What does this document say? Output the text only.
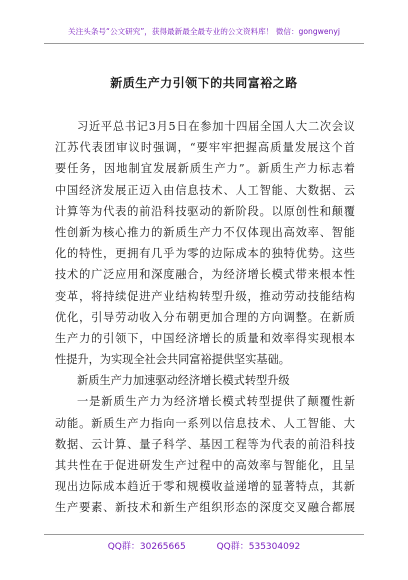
关注头条号“公文研究”，获得最新最全最专业的公文资料库！ 微信：gongwenyj
新质生产力引领下的共同富裕之路
习近平总书记3月5日在参加十四届全国人大二次会议
江苏代表团审议时强调，“要牢牢把握高质量发展这个首
要任务，因地制宜发展新质生产力”。新质生产力标志着
中国经济发展正迈入由信息技术、人工智能、大数据、云
计算等为代表的前沿科技驱动的新阶段。以原创性和颠覆
性创新为核心推力的新质生产力不仅体现出高效率、智能
化的特性，更拥有几乎为零的边际成本的独特优势。这些
技术的广泛应用和深度融合，为经济增长模式带来根本性
变革，将持续促进产业结构转型升级，推动劳动技能结构
优化，引导劳动收入分布朝更加合理的方向调整。在新质
生产力的引领下，中国经济增长的质量和效率得实现根本
性提升，为实现全社会共同富裕提供坚实基础。
新质生产力加速驱动经济增长模式转型升级
一是新质生产力为经济增长模式转型提供了颠覆性新
动能。新质生产力指向一系列以信息技术、人工智能、大
数据、云计算、量子科学、基因工程等为代表的前沿科技
其共性在于促进研发生产过程中的高效率与智能化，且呈
现出边际成本趋近于零和规模收益递增的显著特点，其新
生产要素、新技术和新生产组织形态的深度交叉融合都展
QQ群：30265665	QQ群：535304092
